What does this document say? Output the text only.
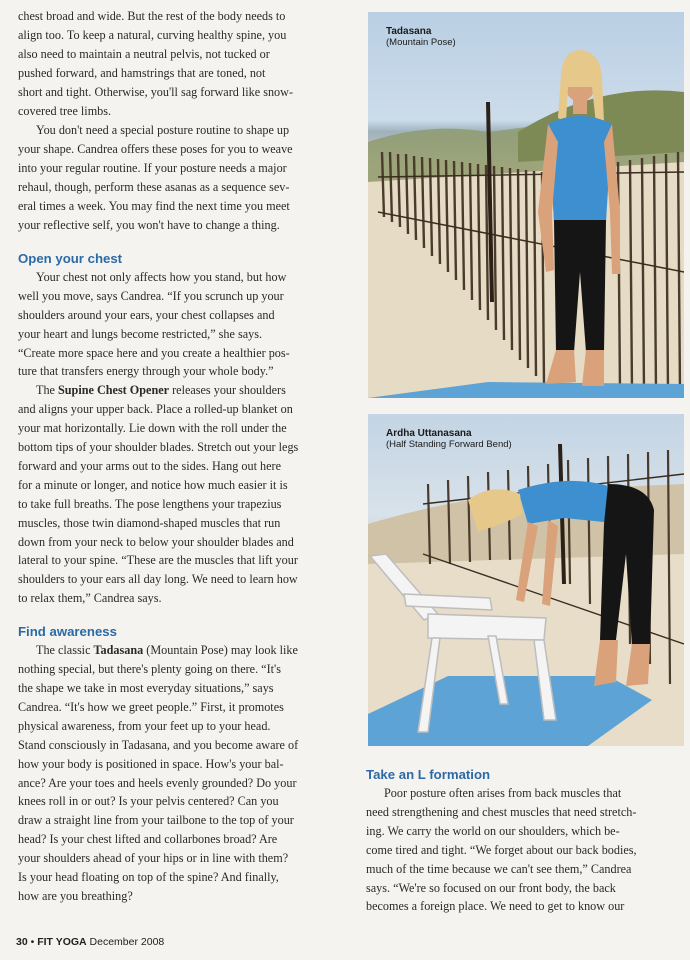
chest broad and wide. But the rest of the body needs to
align too. To keep a natural, curving healthy spine, you
also need to maintain a neutral pelvis, not tucked or
pushed forward, and hamstrings that are toned, not
short and tight. Otherwise, you'll sag forward like snow-
covered tree limbs.
You don't need a special posture routine to shape up
your shape. Candrea offers these poses for you to weave
into your regular routine. If your posture needs a major
rehaul, though, perform these asanas as a sequence sev-
eral times a week. You may find the next time you meet
your reflective self, you won't have to change a thing.
Open your chest
Your chest not only affects how you stand, but how
well you move, says Candrea. “If you scrunch up your
shoulders around your ears, your chest collapses and
your heart and lungs become restricted,” she says.
“Create more space here and you create a healthier pos-
ture that transfers energy through your whole body.”
The Supine Chest Opener releases your shoulders
and aligns your upper back. Place a rolled-up blanket on
your mat horizontally. Lie down with the roll under the
bottom tips of your shoulder blades. Stretch out your legs
forward and your arms out to the sides. Hang out here
for a minute or longer, and notice how much easier it is
to take full breaths. The pose lengthens your trapezius
muscles, those twin diamond-shaped muscles that run
down from your neck to below your shoulder blades and
lateral to your spine. “These are the muscles that lift your
shoulders to your ears all day long. We need to learn how
to relax them,” Candrea says.
Find awareness
The classic Tadasana (Mountain Pose) may look like
nothing special, but there's plenty going on there. “It's
the shape we take in most everyday situations,” says
Candrea. “It's how we greet people.” First, it promotes
physical awareness, from your feet up to your head.
Stand consciously in Tadasana, and you become aware of
how your body is positioned in space. How's your bal-
ance? Are your toes and heels evenly grounded? Do your
knees roll in or out? Is your pelvis centered? Can you
draw a straight line from your tailbone to the top of your
head? Is your chest lifted and collarbones broad? Are
your shoulders ahead of your hips or in line with them?
Is your head floating on top of the spine? And finally,
how are you breathing?
Tadasana
(Mountain Pose)
Ardha Uttanasana
(Half Standing Forward Bend)
Take an L formation
Poor posture often arises from back muscles that
need strengthening and chest muscles that need stretch-
ing. We carry the world on our shoulders, which be-
come tired and tight. “We forget about our back bodies,
much of the time because we can't see them,” Candrea
says. “We're so focused on our front body, the back
becomes a foreign place. We need to get to know our
30 • FIT YOGA December 2008
